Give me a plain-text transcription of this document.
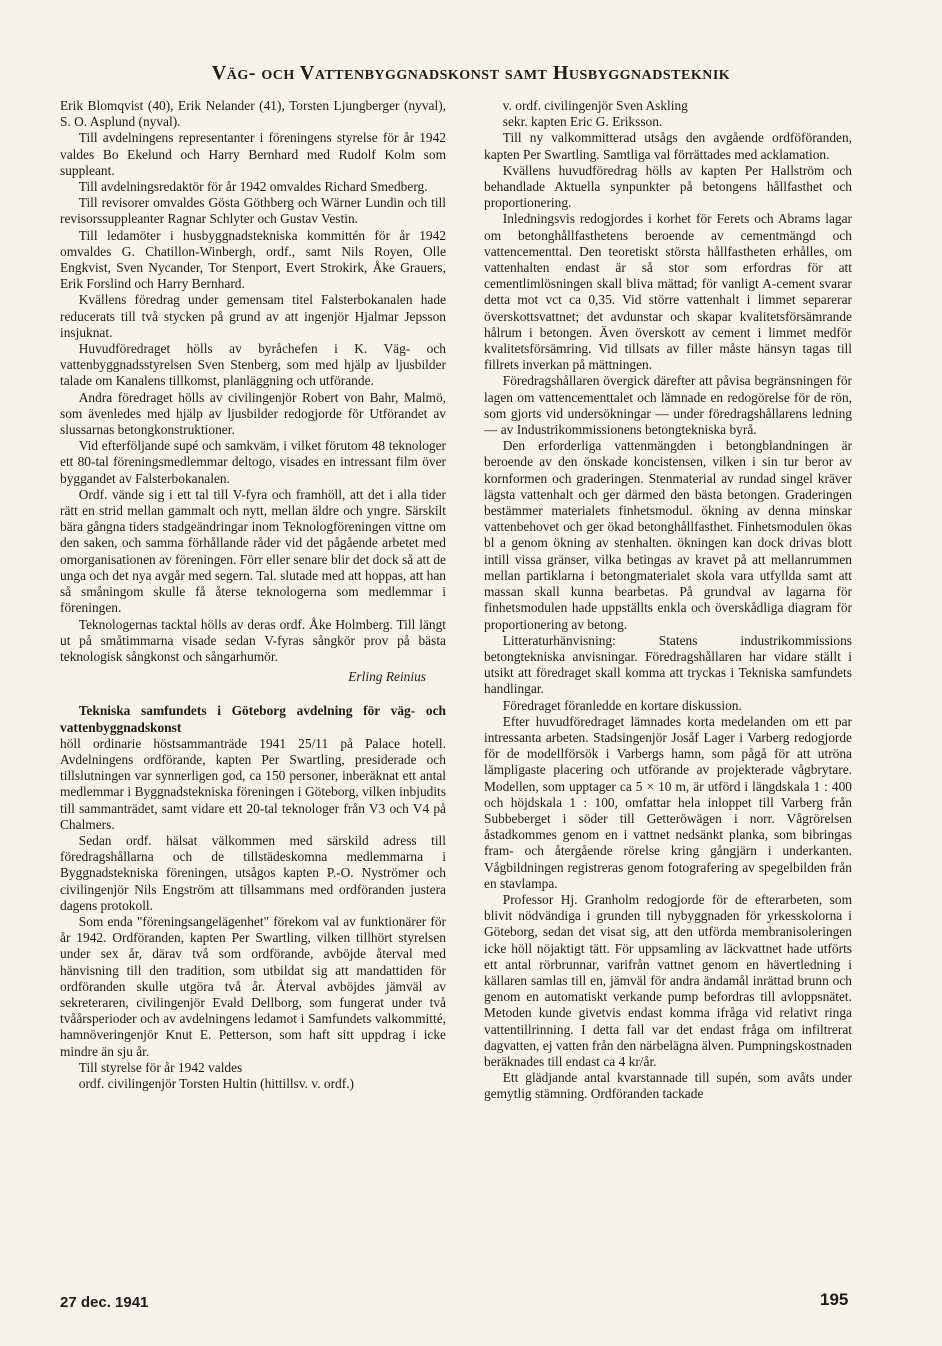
Väg- och Vattenbyggnadskonst samt Husbyggnadsteknik

Erik Blomqvist (40), Erik Nelander (41), Torsten Ljungberger (nyval), S. O. Asplund (nyval).

Till avdelningens representanter i föreningens styrelse för år 1942 valdes Bo Ekelund och Harry Bernhard med Rudolf Kolm som suppleant.

Till avdelningsredaktör för år 1942 omvaldes Richard Smedberg.

Till revisorer omvaldes Gösta Göthberg och Wärner Lundin och till revisorssuppleanter Ragnar Schlyter och Gustav Vestin.

Till ledamöter i husbyggnadstekniska kommittén för år 1942 omvaldes G. Chatillon-Winbergh, ordf., samt Nils Royen, Olle Engkvist, Sven Nycander, Tor Stenport, Evert Strokirk, Åke Grauers, Erik Forslind och Harry Bernhard.

Kvällens föredrag under gemensam titel Falsterbokanalen hade reducerats till två stycken på grund av att ingenjör Hjalmar Jepsson insjuknat.

Huvudföredraget hölls av byråchefen i K. Väg- och vattenbyggnadsstyrelsen Sven Stenberg, som med hjälp av ljusbilder talade om Kanalens tillkomst, planläggning och utförande.

Andra föredraget hölls av civilingenjör Robert von Bahr, Malmö, som ävenledes med hjälp av ljusbilder redogjorde för Utförandet av slussarnas betongkonstruktioner.

Vid efterföljande supé och samkväm, i vilket förutom 48 teknologer ett 80-tal föreningsmedlemmar deltogo, visades en intressant film över byggandet av Falsterbokanalen.

Ordf. vände sig i ett tal till V-fyra och framhöll, att det i alla tider rätt en strid mellan gammalt och nytt, mellan äldre och yngre. Särskilt bära gångna tiders stadgeändringar inom Teknologföreningen vittne om den saken, och samma förhållande råder vid det pågående arbetet med omorganisationen av föreningen. Förr eller senare blir det dock så att de unga och det nya avgår med segern. Tal. slutade med att hoppas, att han så småningom skulle få återse teknologerna som medlemmar i föreningen.

Teknologernas tacktal hölls av deras ordf. Åke Holmberg. Till längt ut på småtimmarna visade sedan V-fyras sångkör prov på bästa teknologisk sångkonst och sångarhumör.

Erling Reinius

Tekniska samfundets i Göteborg avdelning för väg- och vattenbyggnadskonst

höll ordinarie höstsammanträde 1941 25/11 på Palace hotell. Avdelningens ordförande, kapten Per Swartling, presiderade och tillslutningen var synnerligen god, ca 150 personer, inberäknat ett antal medlemmar i Byggnadstekniska föreningen i Göteborg, vilken inbjudits till sammanträdet, samt vidare ett 20-tal teknologer från V3 och V4 på Chalmers.

Sedan ordf. hälsat välkommen med särskild adress till föredragshållarna och de tillstädeskomna medlemmarna i Byggnadstekniska föreningen, utsågos kapten P.-O. Nyströmer och civilingenjör Nils Engström att tillsammans med ordföranden justera dagens protokoll.

Som enda "föreningsangelägenhet" förekom val av funktionärer för år 1942. Ordföranden, kapten Per Swartling, vilken tillhört styrelsen under sex år, därav två som ordförande, avböjde återval med hänvisning till den tradition, som utbildat sig att mandattiden för ordföranden skulle utgöra två år. Återval avböjdes jämväl av sekreteraren, civilingenjör Evald Dellborg, som fungerat under två tvåårsperioder och av avdelningens ledamot i Samfundets valkommitté, hamnöveringenjör Knut E. Petterson, som haft sitt uppdrag i icke mindre än sju år.

Till styrelse för år 1942 valdes

ordf. civilingenjör Torsten Hultin (hittillsv. v. ordf.)

v. ordf. civilingenjör Sven Askling

sekr. kapten Eric G. Eriksson.

Till ny valkommitterad utsågs den avgående ordföföranden, kapten Per Swartling. Samtliga val förrättades med acklamation.

Kvällens huvudföredrag hölls av kapten Per Hallström och behandlade Aktuella synpunkter på betongens hållfasthet och proportionering.

Inledningsvis redogjordes i korhet för Ferets och Abrams lagar om betonghållfasthetens beroende av cementmängd och vattencementtal. Den teoretiskt största hållfastheten erhålles, om vattenhalten endast är så stor som erfordras för att cementlimlösningen skall bliva mättad; för vanligt A-cement svarar detta mot vct ca 0,35. Vid större vattenhalt i limmet separerar överskottsvattnet; det avdunstar och skapar kvalitetsförsämrande hålrum i betongen. Även överskott av cement i limmet medför kvalitetsförsämring. Vid tillsats av filler måste hänsyn tagas till fillrets inverkan på mättningen.

Föredragshållaren övergick därefter att påvisa begränsningen för lagen om vattencementtalet och lämnade en redogörelse för de rön, som gjorts vid undersökningar — under föredragshållarens ledning — av Industrikommissionens betongtekniska byrå.

Den erforderliga vattenmängden i betongblandningen är beroende av den önskade koncistensen, vilken i sin tur beror av kornformen och graderingen. Stenmaterial av rundad singel kräver lägsta vattenhalt och ger därmed den bästa betongen. Graderingen bestämmer materialets finhetsmodul. ökning av denna minskar vattenbehovet och ger ökad betonghållfasthet. Finhetsmodulen ökas bl a genom ökning av stenhalten. ökningen kan dock drivas blott intill vissa gränser, vilka betingas av kravet på att mellanrummen mellan partiklarna i betongmaterialet skola vara utfyllda samt att massan skall kunna bearbetas. På grundval av lagarna för finhetsmodulen hade uppställts enkla och överskådliga diagram för proportionering av betong.

Litteraturhänvisning: Statens industrikommissions betongtekniska anvisningar. Föredragshållaren har vidare ställt i utsikt att föredraget skall komma att tryckas i Tekniska samfundets handlingar.

Föredraget föranledde en kortare diskussion.

Efter huvudföredraget lämnades korta medelanden om ett par intressanta arbeten. Stadsingenjör Josåf Lager i Varberg redogjorde för de modellförsök i Varbergs hamn, som pågå för att utröna lämpligaste placering och utförande av projekterade vågbrytare. Modellen, som upptager ca 5 × 10 m, är utförd i längdskala 1 : 400 och höjdskala 1 : 100, omfattar hela inloppet till Varberg från Subbeberget i söder till Getteröwägen i norr. Vågrörelsen åstadkommes genom en i vattnet nedsänkt planka, som bibringas fram- och återgående rörelse kring gångjärn i underkanten. Vågbildningen registreras genom fotografering av spegelbilden från en stavlampa.

Professor Hj. Granholm redogjorde för de efterarbeten, som blivit nödvändiga i grunden till nybyggnaden för yrkesskolorna i Göteborg, sedan det visat sig, att den utförda membranisoleringen icke höll nöjaktigt tätt. För uppsamling av läckvattnet hade utförts ett antal rörbrunnar, varifrån vattnet genom en hävertledning i källaren samlas till en, jämväl för andra ändamål inrättad brunn och genom en automatiskt verkande pump befordras till avloppsnätet. Metoden kunde givetvis endast komma ifråga vid relativt ringa vattentillrinning. I detta fall var det endast fråga om infiltrerat dagvatten, ej vatten från den närbelägna älven. Pumpningskostnaden beräknades till endast ca 4 kr/år.

Ett glädjande antal kvarstannade till supén, som avåts under gemytlig stämning. Ordföranden tackade

27 dec. 1941	195
